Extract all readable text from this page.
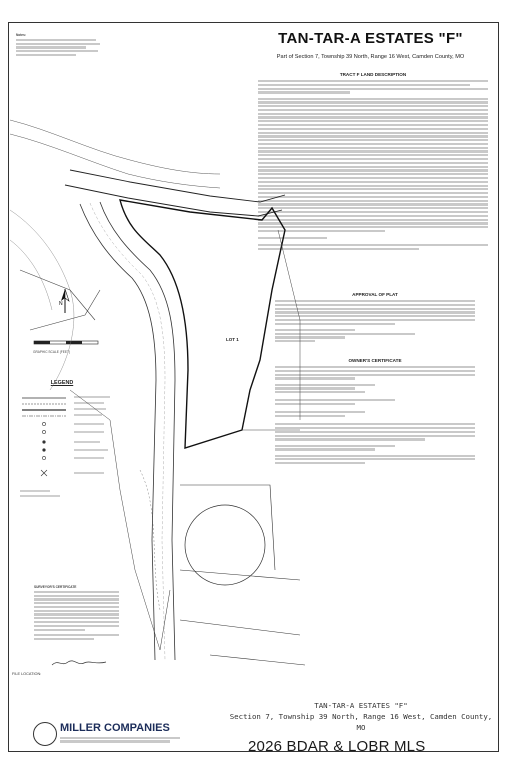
Notes:	TAN-TAR-A ESTATES "F"
Part of Section 7, Township 39 North, Range 16 West, Camden County, MO
TRACT F LAND DESCRIPTION
APPROVAL OF PLAT
OWNER'S CERTIFICATE
N
GRAPHIC SCALE (FEET)
LEGEND
LOT 1
SURVEYOR'S CERTIFICATE
FILE LOCATION:
MILLER COMPANIES
TAN-TAR-A ESTATES "F"
Section 7, Township 39 North, Range 16 West, Camden County, MO
2026 BDAR & LOBR MLS
